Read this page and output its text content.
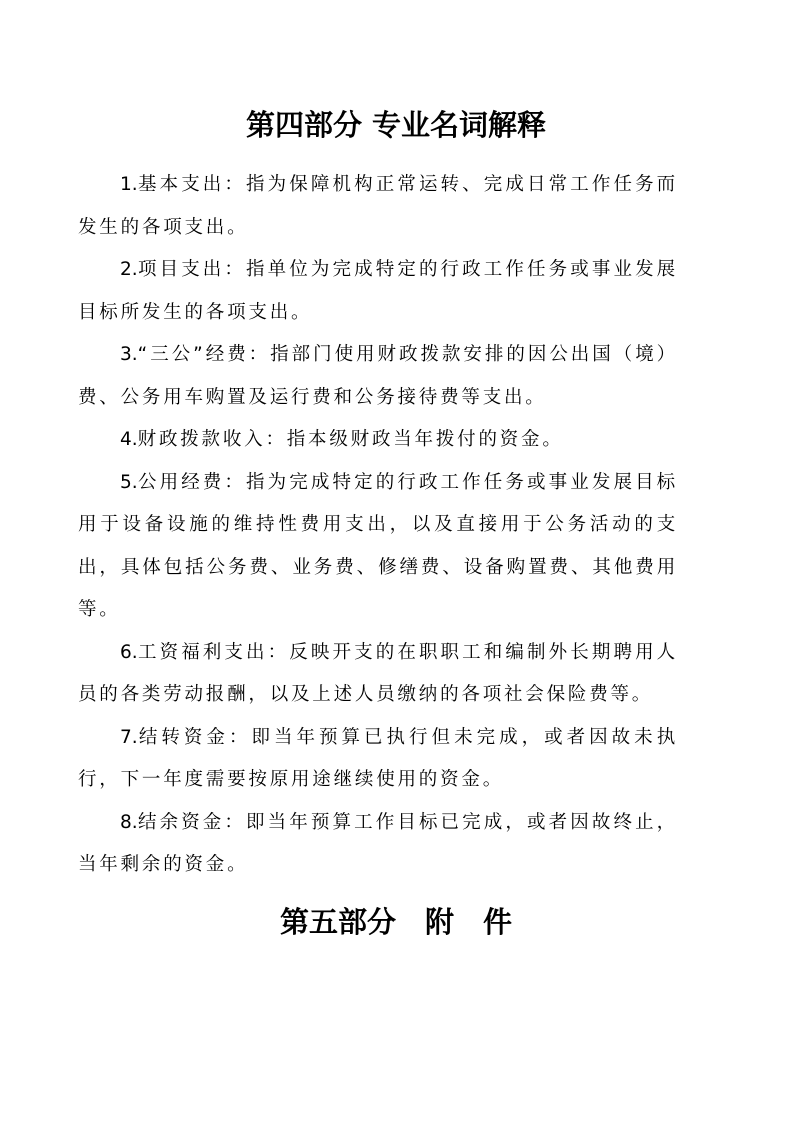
第四部分 专业名词解释

1.基本支出：指为保障机构正常运转、完成日常工作任务而发生的各项支出。

2.项目支出：指单位为完成特定的行政工作任务或事业发展目标所发生的各项支出。

3.“三公”经费：指部门使用财政拨款安排的因公出国（境）费、公务用车购置及运行费和公务接待费等支出。

4.财政拨款收入：指本级财政当年拨付的资金。

5.公用经费：指为完成特定的行政工作任务或事业发展目标用于设备设施的维持性费用支出，以及直接用于公务活动的支出，具体包括公务费、业务费、修缮费、设备购置费、其他费用等。

6.工资福利支出：反映开支的在职职工和编制外长期聘用人员的各类劳动报酬，以及上述人员缴纳的各项社会保险费等。

7.结转资金：即当年预算已执行但未完成，或者因故未执行，下一年度需要按原用途继续使用的资金。

8.结余资金：即当年预算工作目标已完成，或者因故终止，当年剩余的资金。

第五部分　附　件
